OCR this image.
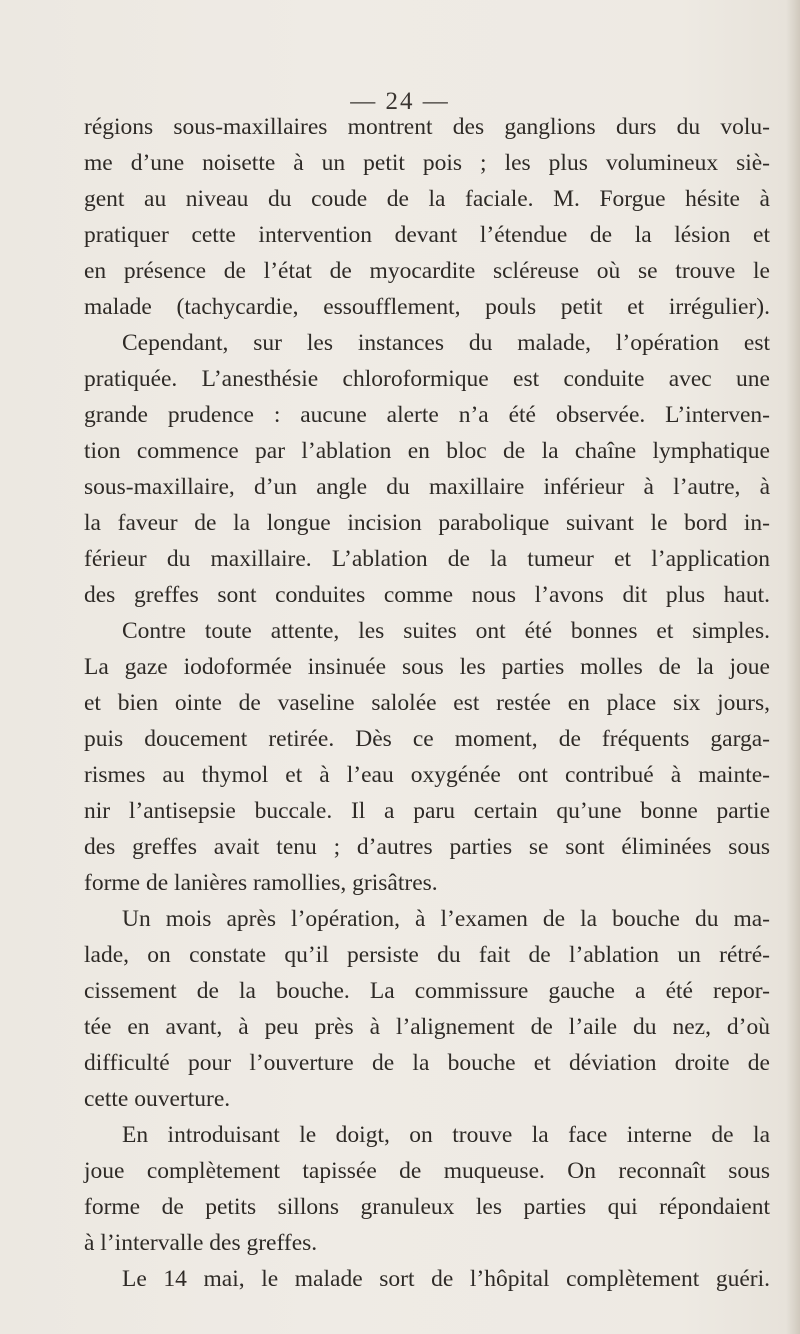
— 24 —
régions sous-maxillaires montrent des ganglions durs du volu-
me d’une noisette à un petit pois ; les plus volumineux siè-
gent au niveau du coude de la faciale. M. Forgue hésite à
pratiquer cette intervention devant l’étendue de la lésion et
en présence de l’état de myocardite scléreuse où se trouve le
malade (tachycardie, essoufflement, pouls petit et irrégulier).
Cependant, sur les instances du malade, l’opération est
pratiquée. L’anesthésie chloroformique est conduite avec une
grande prudence : aucune alerte n’a été observée. L’interven-
tion commence par l’ablation en bloc de la chaîne lymphatique
sous-maxillaire, d’un angle du maxillaire inférieur à l’autre, à
la faveur de la longue incision parabolique suivant le bord in-
férieur du maxillaire. L’ablation de la tumeur et l’application
des greffes sont conduites comme nous l’avons dit plus haut.
Contre toute attente, les suites ont été bonnes et simples.
La gaze iodoformée insinuée sous les parties molles de la joue
et bien ointe de vaseline salolée est restée en place six jours,
puis doucement retirée. Dès ce moment, de fréquents garga-
rismes au thymol et à l’eau oxygénée ont contribué à mainte-
nir l’antisepsie buccale. Il a paru certain qu’une bonne partie
des greffes avait tenu ; d’autres parties se sont éliminées sous
forme de lanières ramollies, grisâtres.
Un mois après l’opération, à l’examen de la bouche du ma-
lade, on constate qu’il persiste du fait de l’ablation un rétré-
cissement de la bouche. La commissure gauche a été repor-
tée en avant, à peu près à l’alignement de l’aile du nez, d’où
difficulté pour l’ouverture de la bouche et déviation droite de
cette ouverture.
En introduisant le doigt, on trouve la face interne de la
joue complètement tapissée de muqueuse. On reconnaît sous
forme de petits sillons granuleux les parties qui répondaient
à l’intervalle des greffes.
Le 14 mai, le malade sort de l’hôpital complètement guéri.
